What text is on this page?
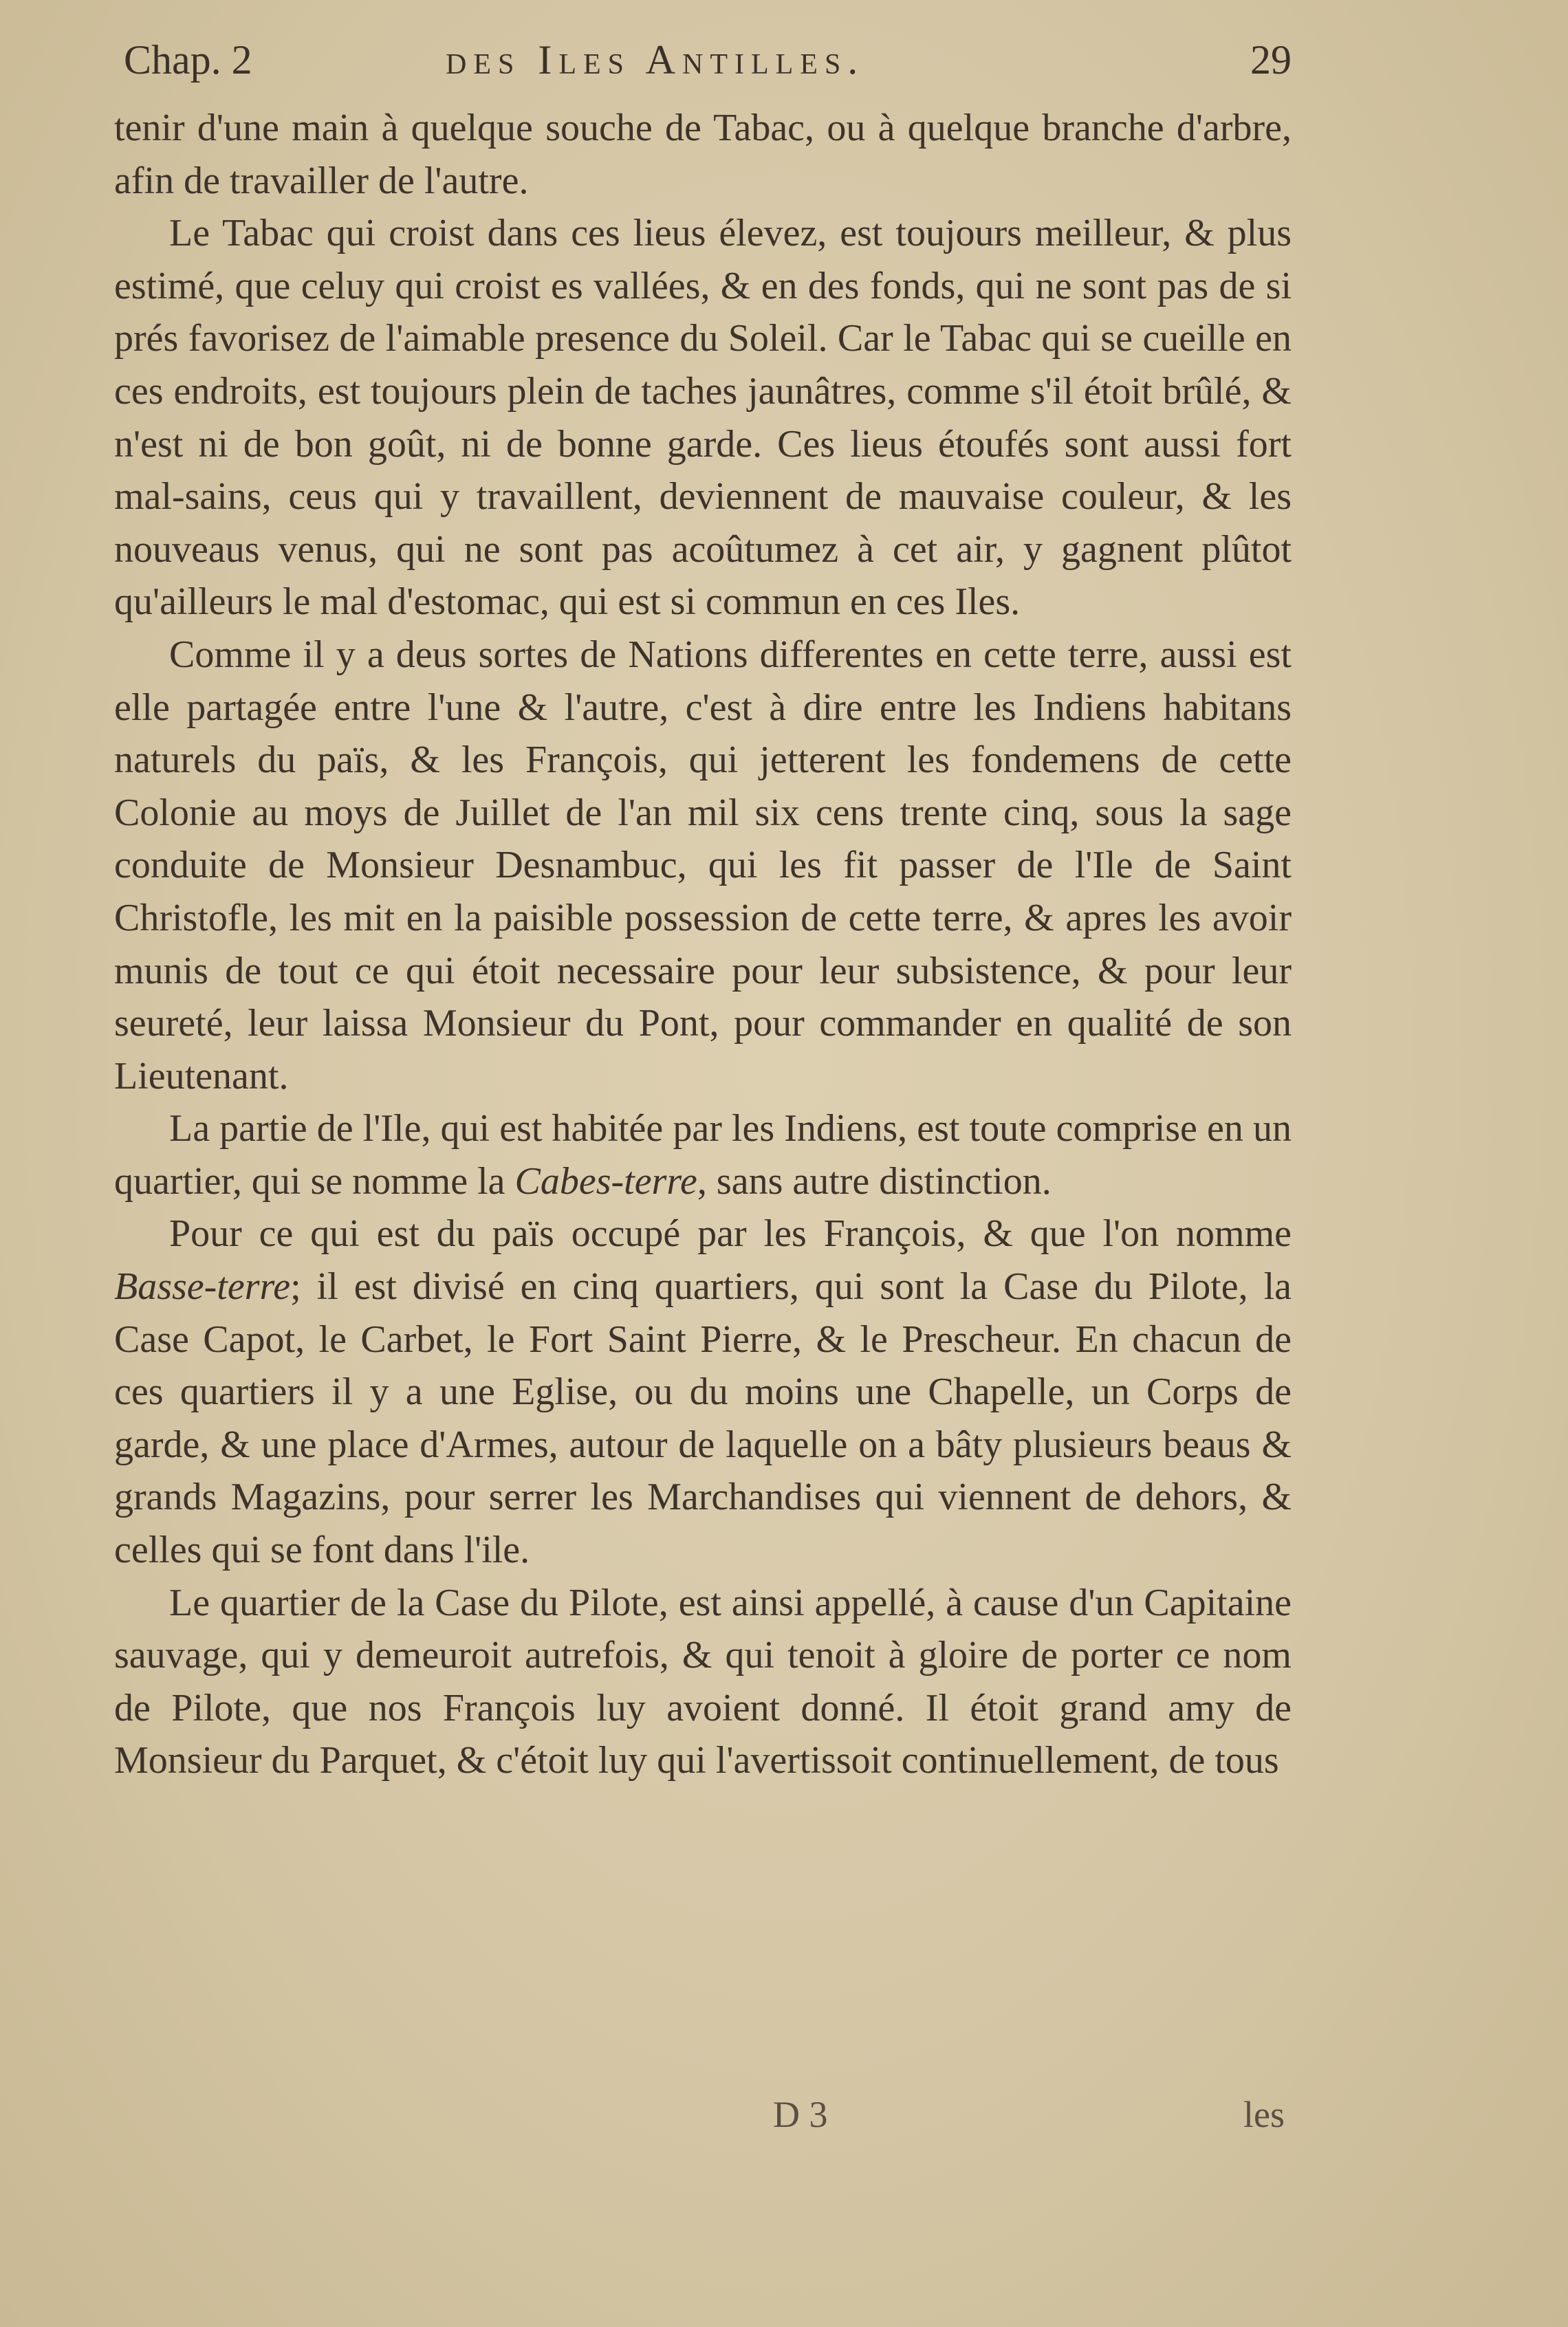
Chap. 2	des Iles Antilles.	29

tenir d'une main à quelque souche de Tabac, ou à quelque branche d'arbre, afin de travailler de l'autre.

Le Tabac qui croist dans ces lieus élevez, est toujours meilleur, & plus estimé, que celuy qui croist es vallées, & en des fonds, qui ne sont pas de si prés favorisez de l'aimable presence du Soleil. Car le Tabac qui se cueille en ces endroits, est toujours plein de taches jaunâtres, comme s'il étoit brûlé, & n'est ni de bon goût, ni de bonne garde. Ces lieus étoufés sont aussi fort mal-sains, ceus qui y travaillent, deviennent de mauvaise couleur, & les nouveaus venus, qui ne sont pas acoûtumez à cet air, y gagnent plûtot qu'ailleurs le mal d'estomac, qui est si commun en ces Iles.

Comme il y a deus sortes de Nations differentes en cette terre, aussi est elle partagée entre l'une & l'autre, c'est à dire entre les Indiens habitans naturels du païs, & les François, qui jetterent les fondemens de cette Colonie au moys de Juillet de l'an mil six cens trente cinq, sous la sage conduite de Monsieur Desnambuc, qui les fit passer de l'Ile de Saint Christofle, les mit en la paisible possession de cette terre, & apres les avoir munis de tout ce qui étoit necessaire pour leur subsistence, & pour leur seureté, leur laissa Monsieur du Pont, pour commander en qualité de son Lieutenant.

La partie de l'Ile, qui est habitée par les Indiens, est toute comprise en un quartier, qui se nomme la Cabes-terre, sans autre distinction.

Pour ce qui est du païs occupé par les François, & que l'on nomme Basse-terre; il est divisé en cinq quartiers, qui sont la Case du Pilote, la Case Capot, le Carbet, le Fort Saint Pierre, & le Prescheur. En chacun de ces quartiers il y a une Eglise, ou du moins une Chapelle, un Corps de garde, & une place d'Armes, autour de laquelle on a bâty plusieurs beaus & grands Magazins, pour serrer les Marchandises qui viennent de dehors, & celles qui se font dans l'ile.

Le quartier de la Case du Pilote, est ainsi appellé, à cause d'un Capitaine sauvage, qui y demeuroit autrefois, & qui tenoit à gloire de porter ce nom de Pilote, que nos François luy avoient donné. Il étoit grand amy de Monsieur du Parquet, & c'étoit luy qui l'avertissoit continuellement, de tous

D 3	les
